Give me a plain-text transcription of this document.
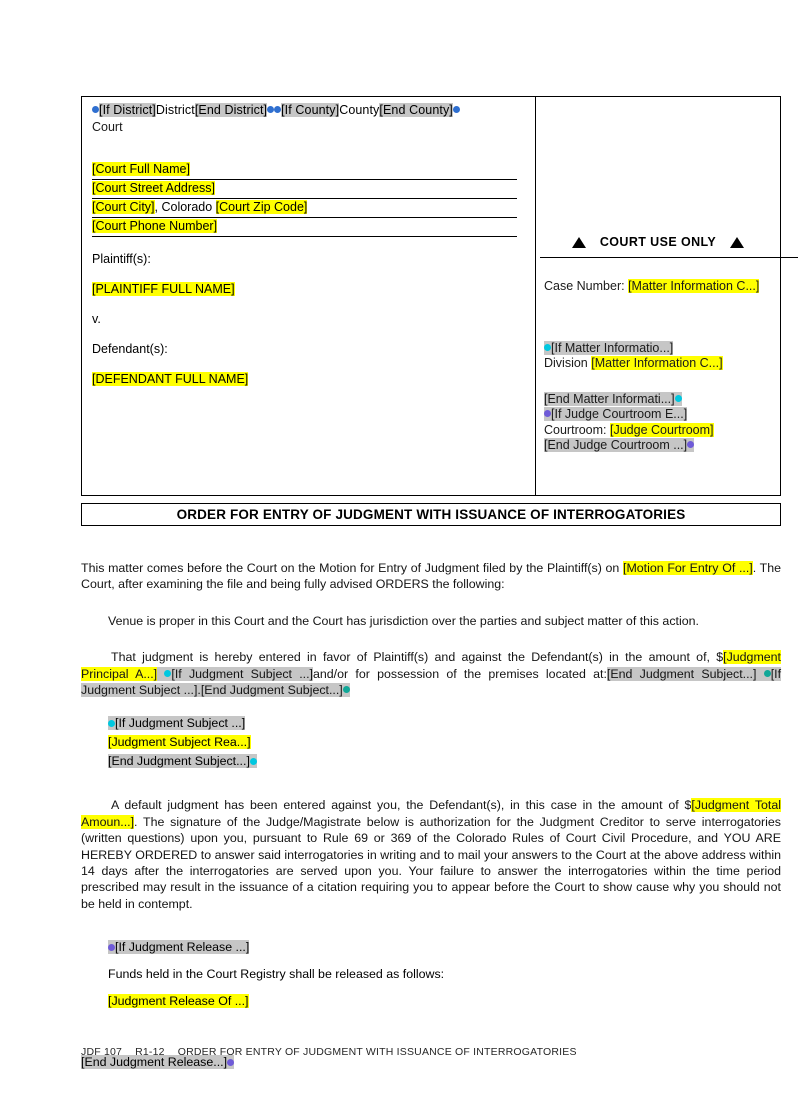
[If District]District[End District] [If County]County[End County]
Court
[Court Full Name]
[Court Street Address]
[Court City], Colorado [Court Zip Code]
[Court Phone Number]
Plaintiff(s):
[PLAINTIFF FULL NAME]
v.
Defendant(s):
[DEFENDANT FULL NAME]
COURT USE ONLY
Case Number: [Matter Information C...]
[If Matter Informatio...]
Division [Matter Information C...]
[End Matter Informati...]
[If Judge Courtroom E...]
Courtroom: [Judge Courtroom]
[End Judge Courtroom ...]
ORDER FOR ENTRY OF JUDGMENT WITH ISSUANCE OF INTERROGATORIES
This matter comes before the Court on the Motion for Entry of Judgment filed by the Plaintiff(s) on [Motion For Entry Of ...]. The Court, after examining the file and being fully advised ORDERS the following:
Venue is proper in this Court and the Court has jurisdiction over the parties and subject matter of this action.
That judgment is hereby entered in favor of Plaintiff(s) and against the Defendant(s) in the amount of, $[Judgment Principal A...] [If Judgment Subject ...]and/or for possession of the premises located at:[End Judgment Subject...] [If Judgment Subject ...].[End Judgment Subject...]
[If Judgment Subject ...]
[Judgment Subject Rea...]
[End Judgment Subject...]
A default judgment has been entered against you, the Defendant(s), in this case in the amount of $[Judgment Total Amoun...]. The signature of the Judge/Magistrate below is authorization for the Judgment Creditor to serve interrogatories (written questions) upon you, pursuant to Rule 69 or 369 of the Colorado Rules of Court Civil Procedure, and YOU ARE HEREBY ORDERED to answer said interrogatories in writing and to mail your answers to the Court at the above address within 14 days after the interrogatories are served upon you. Your failure to answer the interrogatories within the time period prescribed may result in the issuance of a citation requiring you to appear before the Court to show cause why you should not be held in contempt.
[If Judgment Release ...]
Funds held in the Court Registry shall be released as follows:
[Judgment Release Of ...]
[End Judgment Release...]
JDF 107 R1-12 ORDER FOR ENTRY OF JUDGMENT WITH ISSUANCE OF INTERROGATORIES
